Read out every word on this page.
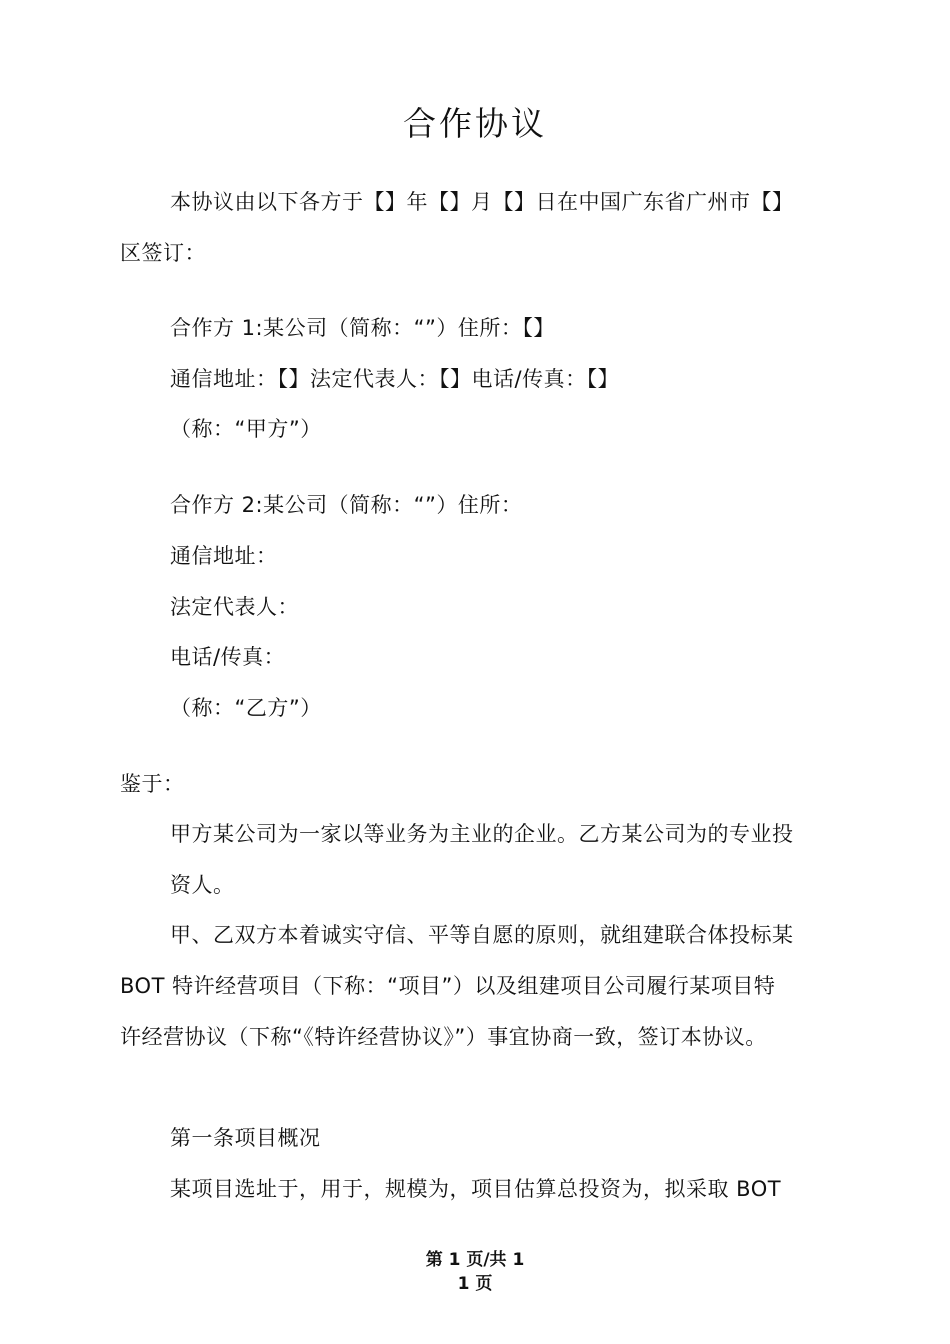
合作协议
本协议由以下各方于【】年【】月【】日在中国广东省广州市【】
区签订：
合作方 1:某公司（简称：“”）住所：【】
通信地址：【】法定代表人：【】电话/传真：【】
（称：“甲方”）
合作方 2:某公司（简称：“”）住所：
通信地址：
法定代表人：
电话/传真：
（称：“乙方”）
鉴于：
甲方某公司为一家以等业务为主业的企业。乙方某公司为的专业投
资人。
甲、乙双方本着诚实守信、平等自愿的原则，就组建联合体投标某
BOT 特许经营项目（下称：“项目”）以及组建项目公司履行某项目特
许经营协议（下称“《特许经营协议》”）事宜协商一致，签订本协议。
第一条项目概况
某项目选址于，用于，规模为，项目估算总投资为，拟采取 BOT
第 1 页/共 1
1 页
